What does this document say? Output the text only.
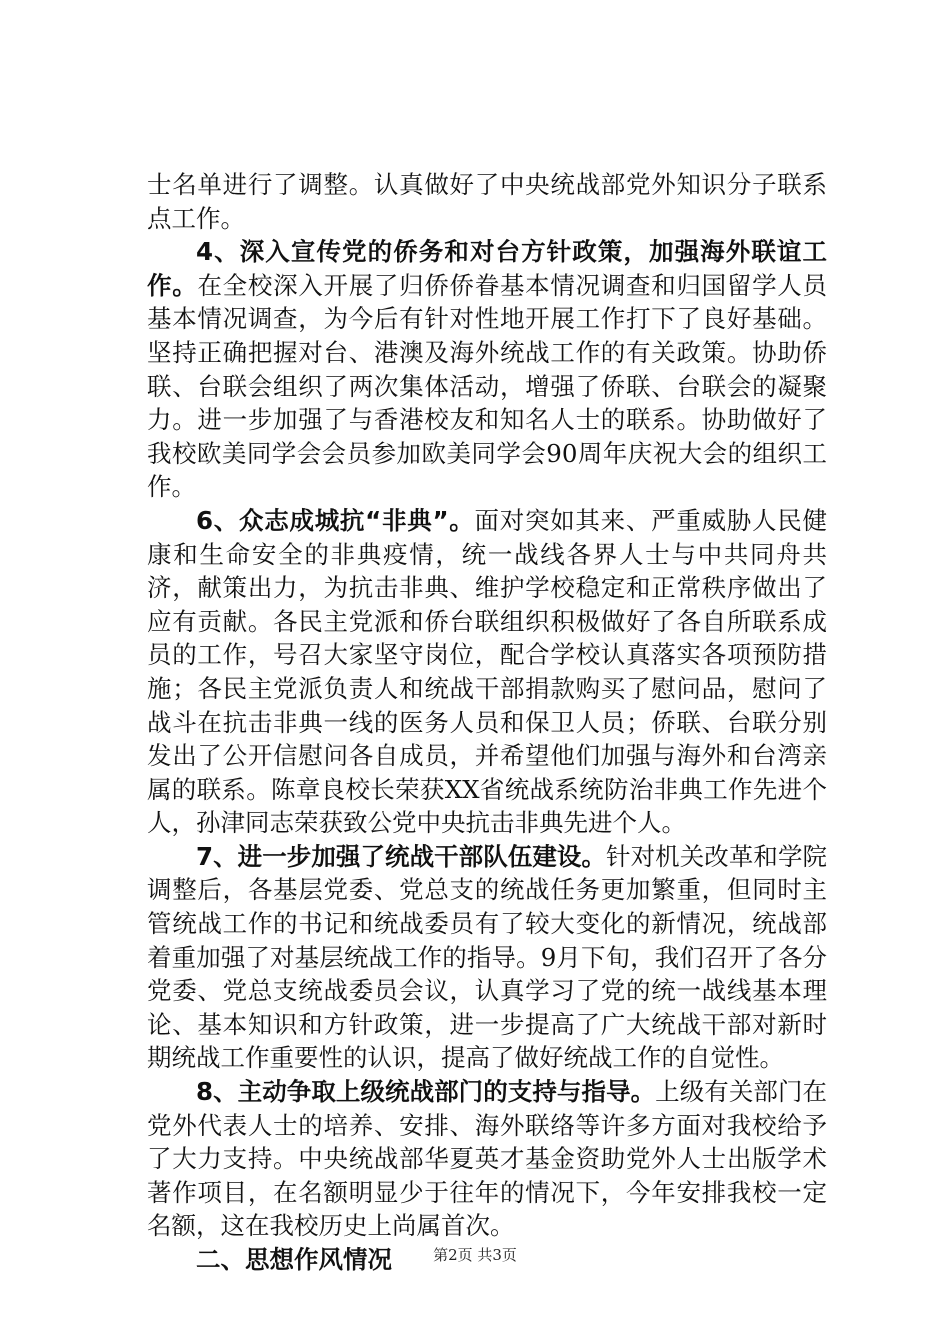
士名单进行了调整。认真做好了中央统战部党外知识分子联系点工作。

4、深入宣传党的侨务和对台方针政策，加强海外联谊工作。在全校深入开展了归侨侨眷基本情况调查和归国留学人员基本情况调查，为今后有针对性地开展工作打下了良好基础。坚持正确把握对台、港澳及海外统战工作的有关政策。协助侨联、台联会组织了两次集体活动，增强了侨联、台联会的凝聚力。进一步加强了与香港校友和知名人士的联系。协助做好了我校欧美同学会会员参加欧美同学会90周年庆祝大会的组织工作。

6、众志成城抗“非典”。面对突如其来、严重威胁人民健康和生命安全的非典疫情，统一战线各界人士与中共同舟共济，献策出力，为抗击非典、维护学校稳定和正常秩序做出了应有贡献。各民主党派和侨台联组织积极做好了各自所联系成员的工作，号召大家坚守岗位，配合学校认真落实各项预防措施；各民主党派负责人和统战干部捐款购买了慰问品，慰问了战斗在抗击非典一线的医务人员和保卫人员；侨联、台联分别发出了公开信慰问各自成员，并希望他们加强与海外和台湾亲属的联系。陈章良校长荣获XX省统战系统防治非典工作先进个人，孙津同志荣获致公党中央抗击非典先进个人。

7、进一步加强了统战干部队伍建设。针对机关改革和学院调整后，各基层党委、党总支的统战任务更加繁重，但同时主管统战工作的书记和统战委员有了较大变化的新情况，统战部着重加强了对基层统战工作的指导。9月下旬，我们召开了各分党委、党总支统战委员会议，认真学习了党的统一战线基本理论、基本知识和方针政策，进一步提高了广大统战干部对新时期统战工作重要性的认识，提高了做好统战工作的自觉性。

8、主动争取上级统战部门的支持与指导。上级有关部门在党外代表人士的培养、安排、海外联络等许多方面对我校给予了大力支持。中央统战部华夏英才基金资助党外人士出版学术著作项目，在名额明显少于往年的情况下，今年安排我校一定名额，这在我校历史上尚属首次。

二、思想作风情况	第2页 共3页
